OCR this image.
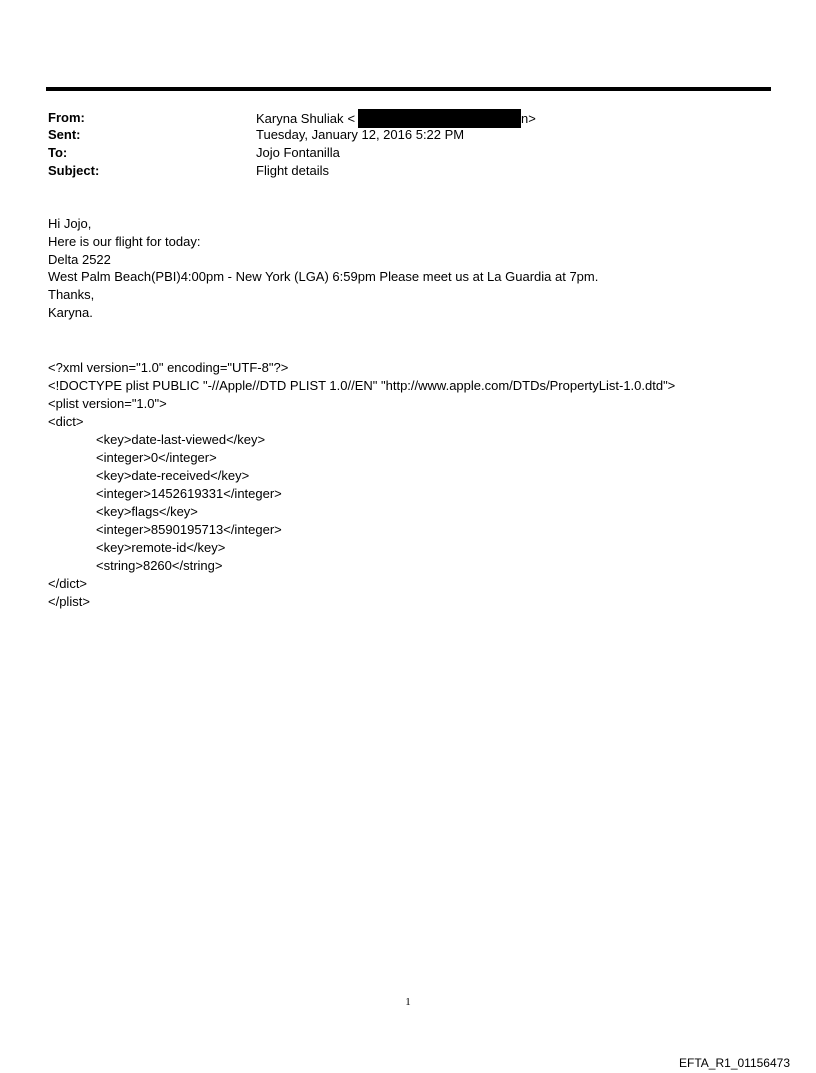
From:	Karyna Shuliak <	n>
Sent:	Tuesday, January 12, 2016 5:22 PM
To:	Jojo Fontanilla
Subject:	Flight details
Hi Jojo,
Here is our flight for today:
Delta 2522
West Palm Beach(PBI)4:00pm - New York (LGA) 6:59pm Please meet us at La Guardia at 7pm.
Thanks,
Karyna.
<?xml version="1.0" encoding="UTF-8"?>
<!DOCTYPE plist PUBLIC "-//Apple//DTD PLIST 1.0//EN" "http://www.apple.com/DTDs/PropertyList-1.0.dtd">
<plist version="1.0">
<dict>
<key>date-last-viewed</key>
<integer>0</integer>
<key>date-received</key>
<integer>1452619331</integer>
<key>flags</key>
<integer>8590195713</integer>
<key>remote-id</key>
<string>8260</string>
</dict>
</plist>
1
EFTA_R1_01156473
